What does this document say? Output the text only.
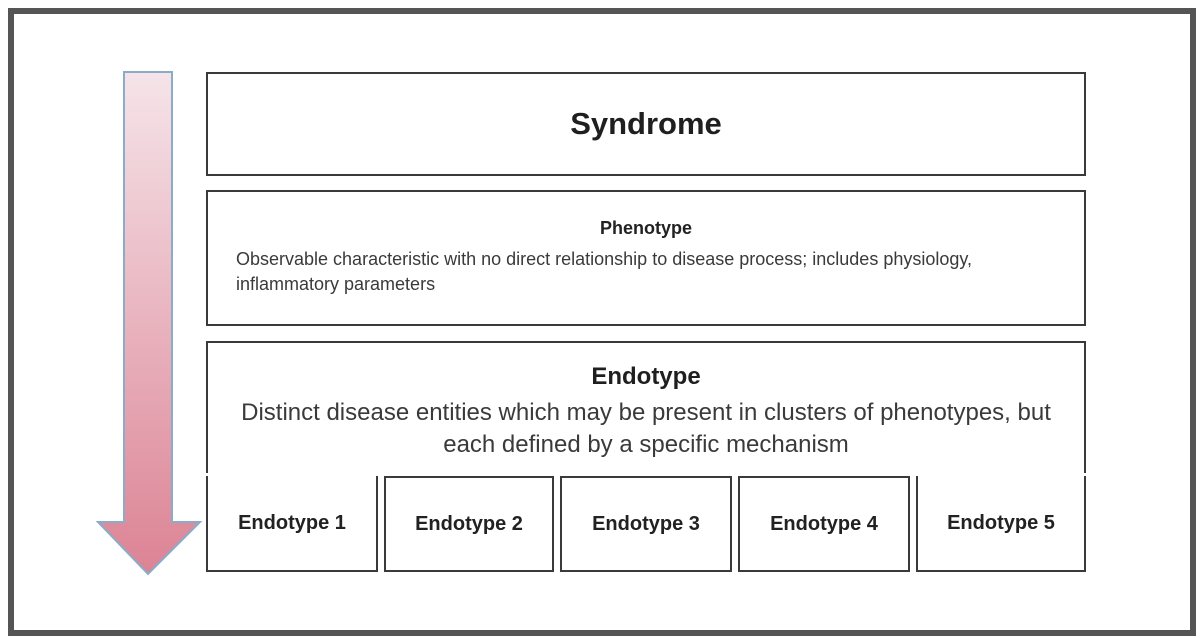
Syndrome
Phenotype
Observable characteristic with no direct relationship to disease process; includes physiology, inflammatory parameters
Endotype
Distinct disease entities which may be present in clusters of phenotypes, but each defined by a specific mechanism
Endotype 1	Endotype 2	Endotype 3	Endotype 4	Endotype 5
